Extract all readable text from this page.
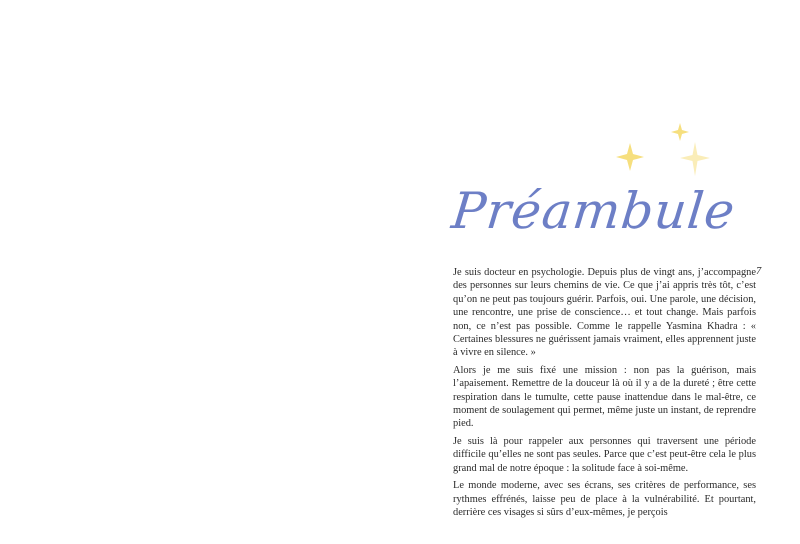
Préambule
7

Je suis docteur en psychologie. Depuis plus de vingt ans, j’accompagne des personnes sur leurs chemins de vie. Ce que j’ai appris très tôt, c’est qu’on ne peut pas toujours guérir. Parfois, oui. Une parole, une décision, une rencontre, une prise de conscience… et tout change. Mais parfois non, ce n’est pas possible. Comme le rappelle Yasmina Khadra : « Certaines blessures ne guérissent jamais vraiment, elles apprennent juste à vivre en silence. »

Alors je me suis fixé une mission : non pas la guérison, mais l’apaisement. Remettre de la douceur là où il y a de la dureté ; être cette respiration dans le tumulte, cette pause inattendue dans le mal-être, ce moment de soulagement qui permet, même juste un instant, de reprendre pied.

Je suis là pour rappeler aux personnes qui traversent une période difficile qu’elles ne sont pas seules. Parce que c’est peut-être cela le plus grand mal de notre époque : la solitude face à soi-même.

Le monde moderne, avec ses écrans, ses critères de performance, ses rythmes effrénés, laisse peu de place à la vulnérabilité. Et pourtant, derrière ces visages si sûrs d’eux-mêmes, je perçois
